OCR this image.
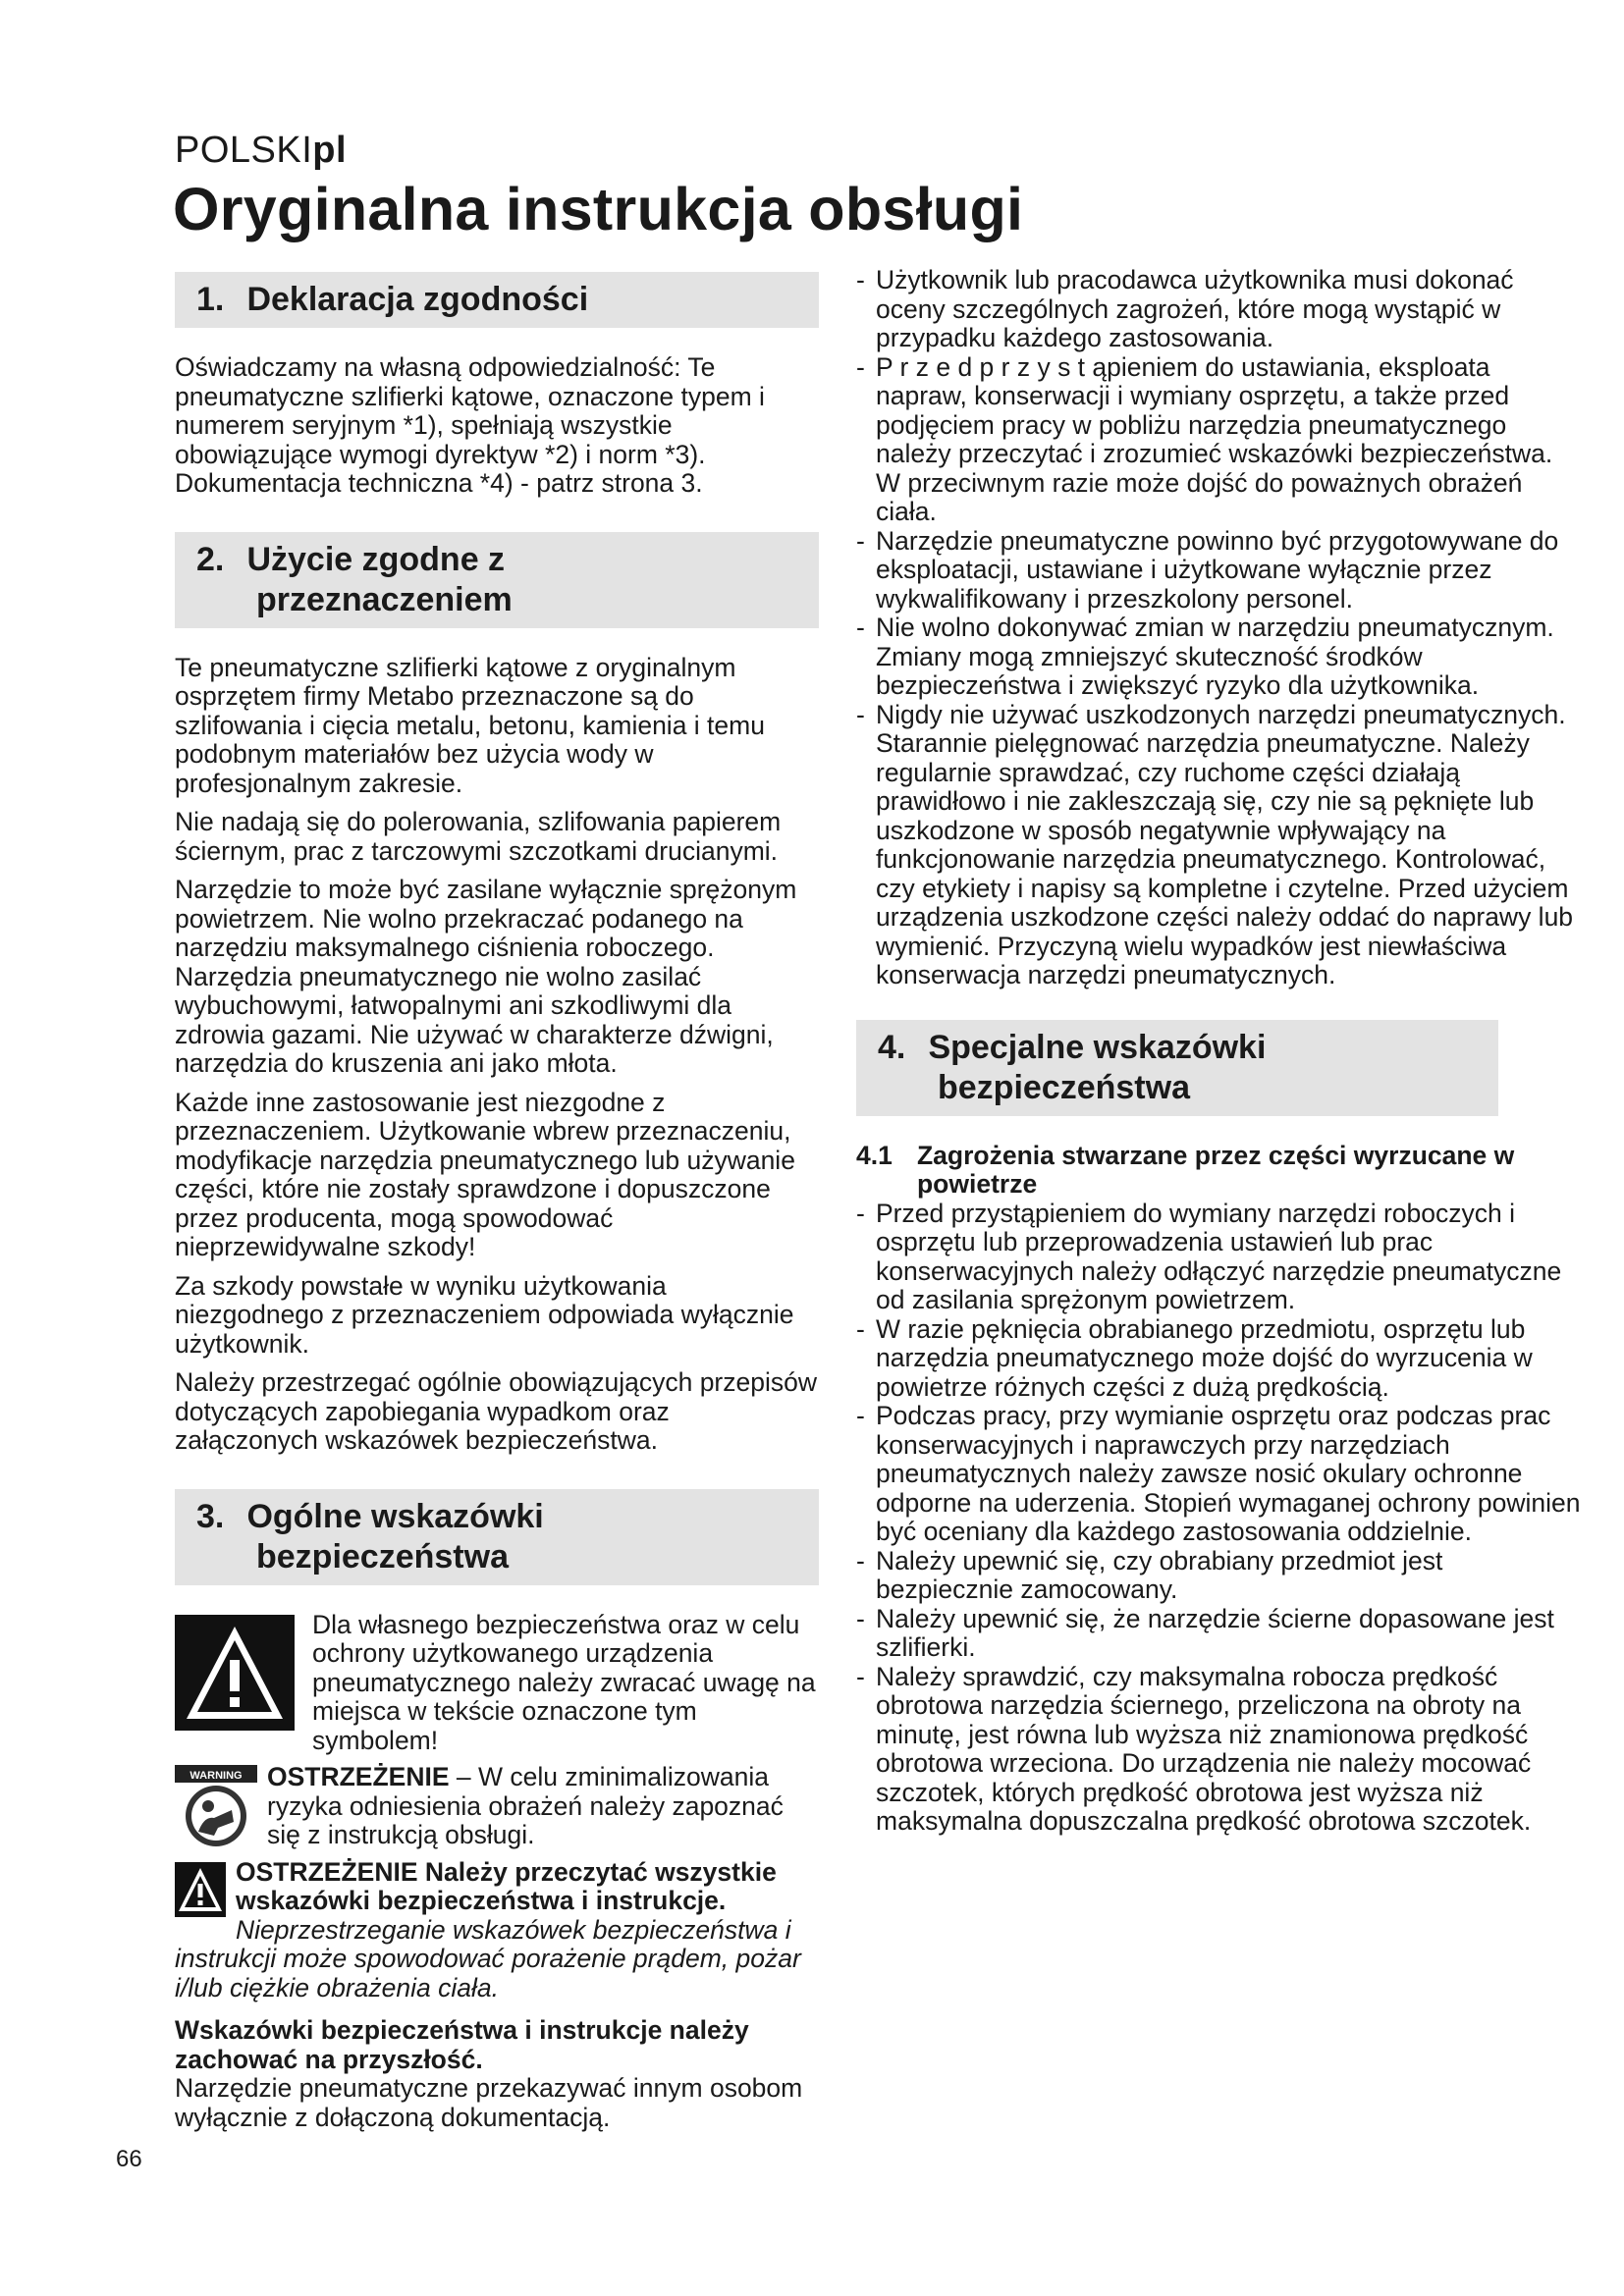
POLSKIpl
Oryginalna instrukcja obsługi
1. Deklaracja zgodności

Oświadczamy na własną odpowiedzialność: Te pneumatyczne szlifierki kątowe, oznaczone typem i numerem seryjnym *1), spełniają wszystkie obowiązujące wymogi dyrektyw *2) i norm *3). Dokumentacja techniczna *4) - patrz strona 3.

2. Użycie zgodne z
przeznaczeniem

Te pneumatyczne szlifierki kątowe z oryginalnym osprzętem firmy Metabo przeznaczone są do szlifowania i cięcia metalu, betonu, kamienia i temu podobnym materiałów bez użycia wody w profesjonalnym zakresie.

Nie nadają się do polerowania, szlifowania papierem ściernym, prac z tarczowymi szczotkami drucianymi.

Narzędzie to może być zasilane wyłącznie sprężonym powietrzem. Nie wolno przekraczać podanego na narzędziu maksymalnego ciśnienia roboczego. Narzędzia pneumatycznego nie wolno zasilać wybuchowymi, łatwopalnymi ani szkodliwymi dla zdrowia gazami. Nie używać w charakterze dźwigni, narzędzia do kruszenia ani jako młota.

Każde inne zastosowanie jest niezgodne z przeznaczeniem. Użytkowanie wbrew przeznaczeniu, modyfikacje narzędzia pneumatycznego lub używanie części, które nie zostały sprawdzone i dopuszczone przez producenta, mogą spowodować nieprzewidywalne szkody!

Za szkody powstałe w wyniku użytkowania niezgodnego z przeznaczeniem odpowiada wyłącznie użytkownik.

Należy przestrzegać ogólnie obowiązujących przepisów dotyczących zapobiegania wypadkom oraz załączonych wskazówek bezpieczeństwa.

3. Ogólne wskazówki
bezpieczeństwa
Dla własnego bezpieczeństwa oraz w celu ochrony użytkowanego urządzenia pneumatycznego należy zwracać uwagę na miejsca w tekście oznaczone tym symbolem!
WARNING OSTRZEŻENIE – W celu zminimalizowania ryzyka odniesienia obrażeń należy zapoznać się z instrukcją obsługi.
OSTRZEŻENIE Należy przeczytać wszystkie wskazówki bezpieczeństwa i instrukcje. Nieprzestrzeganie wskazówek bezpieczeństwa i instrukcji może spowodować porażenie prądem, pożar i/lub ciężkie obrażenia ciała.

Wskazówki bezpieczeństwa i instrukcje należy zachować na przyszłość.

Narzędzie pneumatyczne przekazywać innym osobom wyłącznie z dołączoną dokumentacją.

- Użytkownik lub pracodawca użytkownika musi dokonać oceny szczególnych zagrożeń, które mogą wystąpić w przypadku każdego zastosowania.
- P r z e d p r z y s t ąpieniem do ustawiania, eksploata napraw, konserwacji i wymiany osprzętu, a także przed podjęciem pracy w pobliżu narzędzia pneumatycznego należy przeczytać i zrozumieć wskazówki bezpieczeństwa. W przeciwnym razie może dojść do poważnych obrażeń ciała.
- Narzędzie pneumatyczne powinno być przygotowywane do eksploatacji, ustawiane i użytkowane wyłącznie przez wykwalifikowany i przeszkolony personel.
- Nie wolno dokonywać zmian w narzędziu pneumatycznym. Zmiany mogą zmniejszyć skuteczność środków bezpieczeństwa i zwiększyć ryzyko dla użytkownika.
- Nigdy nie używać uszkodzonych narzędzi pneumatycznych. Starannie pielęgnować narzędzia pneumatyczne. Należy regularnie sprawdzać, czy ruchome części działają prawidłowo i nie zakleszczają się, czy nie są pęknięte lub uszkodzone w sposób negatywnie wpływający na funkcjonowanie narzędzia pneumatycznego. Kontrolować, czy etykiety i napisy są kompletne i czytelne. Przed użyciem urządzenia uszkodzone części należy oddać do naprawy lub wymienić. Przyczyną wielu wypadków jest niewłaściwa konserwacja narzędzi pneumatycznych.
4. Specjalne wskazówki
bezpieczeństwa
4.1 Zagrożenia stwarzane przez części wyrzucane w powietrze
- Przed przystąpieniem do wymiany narzędzi roboczych i osprzętu lub przeprowadzenia ustawień lub prac konserwacyjnych należy odłączyć narzędzie pneumatyczne od zasilania sprężonym powietrzem.
- W razie pęknięcia obrabianego przedmiotu, osprzętu lub narzędzia pneumatycznego może dojść do wyrzucenia w powietrze różnych części z dużą prędkością.
- Podczas pracy, przy wymianie osprzętu oraz podczas prac konserwacyjnych i naprawczych przy narzędziach pneumatycznych należy zawsze nosić okulary ochronne odporne na uderzenia. Stopień wymaganej ochrony powinien być oceniany dla każdego zastosowania oddzielnie.
- Należy upewnić się, czy obrabiany przedmiot jest bezpiecznie zamocowany.
- Należy upewnić się, że narzędzie ścierne dopasowane jest szlifierki.
- Należy sprawdzić, czy maksymalna robocza prędkość obrotowa narzędzia ściernego, przeliczona na obroty na minutę, jest równa lub wyższa niż znamionowa prędkość obrotowa wrzeciona. Do urządzenia nie należy mocować szczotek, których prędkość obrotowa jest wyższa niż maksymalna dopuszczalna prędkość obrotowa szczotek.
66
